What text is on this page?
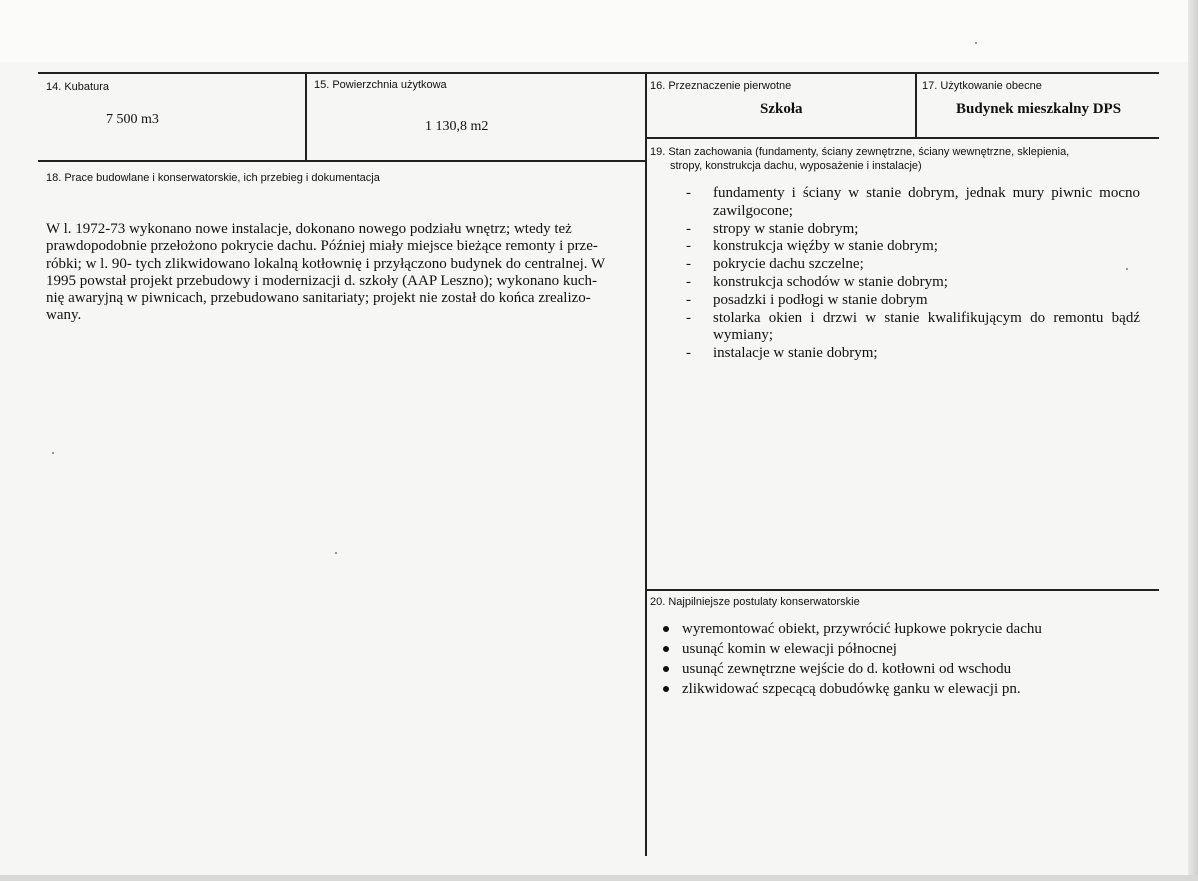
14. Kubatura
7 500 m3
15. Powierzchnia użytkowa
1 130,8 m2
16. Przeznaczenie pierwotne
Szkoła
17. Użytkowanie obecne
Budynek mieszkalny DPS
18. Prace budowlane i konserwatorskie, ich przebieg i dokumentacja
W l. 1972-73 wykonano nowe instalacje, dokonano nowego podziału wnętrz; wtedy też
prawdopodobnie przełożono pokrycie dachu. Później miały miejsce bieżące remonty i prze-
róbki; w l. 90- tych zlikwidowano lokalną kotłownię i przyłączono budynek do centralnej. W
1995 powstał projekt przebudowy i modernizacji d. szkoły (AAP Leszno); wykonano kuch-
nię awaryjną w piwnicach, przebudowano sanitariaty; projekt nie został do końca zrealizo-
wany.
19. Stan zachowania (fundamenty, ściany zewnętrzne, ściany wewnętrzne, sklepienia,
stropy, konstrukcja dachu, wyposażenie i instalacje)
- fundamenty i ściany w stanie dobrym, jednak mury piwnic mocno zawilgocone;
- stropy w stanie dobrym;
- konstrukcja więźby w stanie dobrym;
- pokrycie dachu szczelne;
- konstrukcja schodów w stanie dobrym;
- posadzki i podłogi w stanie dobrym
- stolarka okien i drzwi w stanie kwalifikującym do remontu bądź wymiany;
- instalacje w stanie dobrym;
20. Najpilniejsze postulaty konserwatorskie
wyremontować obiekt, przywrócić łupkowe pokrycie dachu
usunąć komin w elewacji północnej
usunąć zewnętrzne wejście do d. kotłowni od wschodu
zlikwidować szpecącą dobudówkę ganku w elewacji pn.
